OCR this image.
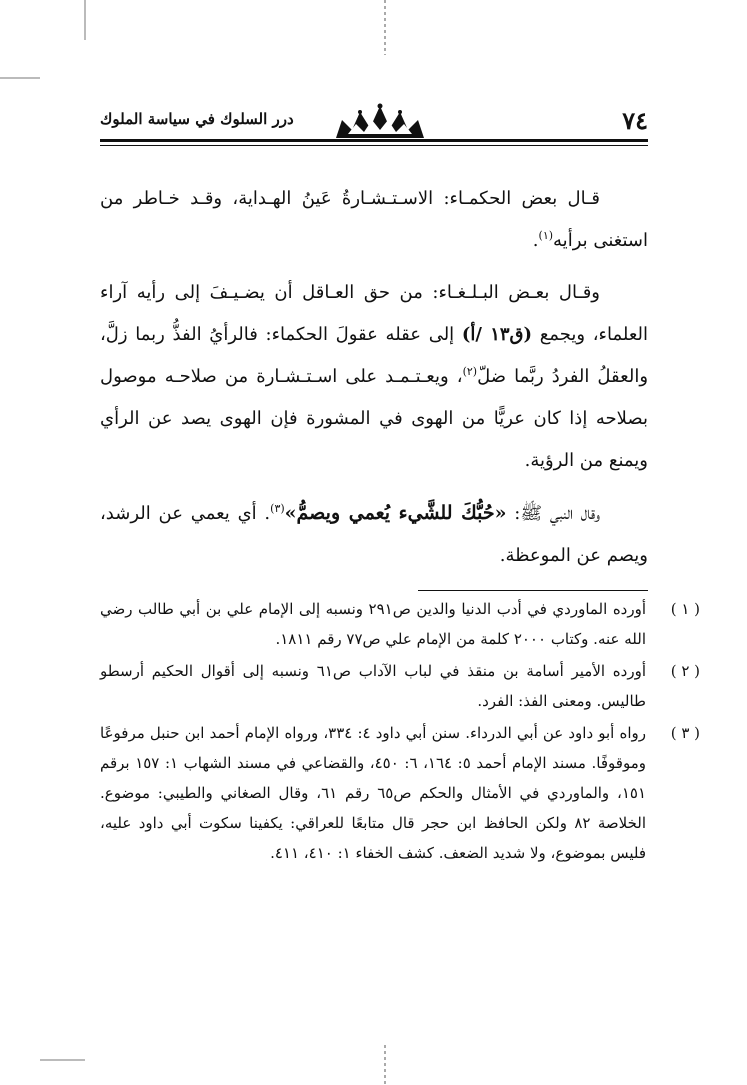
٧٤
درر السلوك في سياسة الملوك

قـال بعض الحكمـاء: الاسـتـشـارةُ عَينُ الهـداية، وقـد خـاطر من استغنى برأيه$^{(١)}$.

وقـال بعـض البـلـغـاء: من حق العـاقل أن يضـيـفَ إلى رأيه آراء العلماء، ويجمع (ق١٣ /أ) إلى عقله عقولَ الحكماء: فالرأيُ الفذُّ ربما زلَّ، والعقلُ الفردُ ربَّما ضلّ$^{(٢)}$، ويعـتـمـد على اسـتـشـارة من صلاحـه موصول بصلاحه إذا كان عريًّا من الهوى في المشورة فإن الهوى يصد عن الرأي ويمنع من الرؤية.

وقال النبي ﷺ: «حُبُّكَ للشَّيء يُعمي ويصمُّ»$^{(٣)}$. أي يعمي عن الرشد، ويصم عن الموعظة.

( ١ )
أورده الماوردي في أدب الدنيا والدين ص٢٩١ ونسبه إلى الإمام علي بن أبي طالب رضي الله عنه. وكتاب ٢٠٠٠ كلمة من الإمام علي ص٧٧ رقم ١٨١١.
( ٢ )
أورده الأمير أسامة بن منقذ في لباب الآداب ص٦١ ونسبه إلى أقوال الحكيم أرسطو طاليس. ومعنى الفذ: الفرد.
( ٣ )
رواه أبو داود عن أبي الدرداء. سنن أبي داود ٤: ٣٣٤، ورواه الإمام أحمد ابن حنبل مرفوعًا وموقوفًا. مسند الإمام أحمد ٥: ١٦٤، ٦: ٤٥٠، والقضاعي في مسند الشهاب ١: ١٥٧ برقم ١٥١، والماوردي في الأمثال والحكم ص٦٥ رقم ٦١، وقال الصغاني والطيبي: موضوع. الخلاصة ٨٢ ولكن الحافظ ابن حجر قال متابعًا للعراقي: يكفينا سكوت أبي داود عليه، فليس بموضوع، ولا شديد الضعف. كشف الخفاء ١: ٤١٠، ٤١١.
